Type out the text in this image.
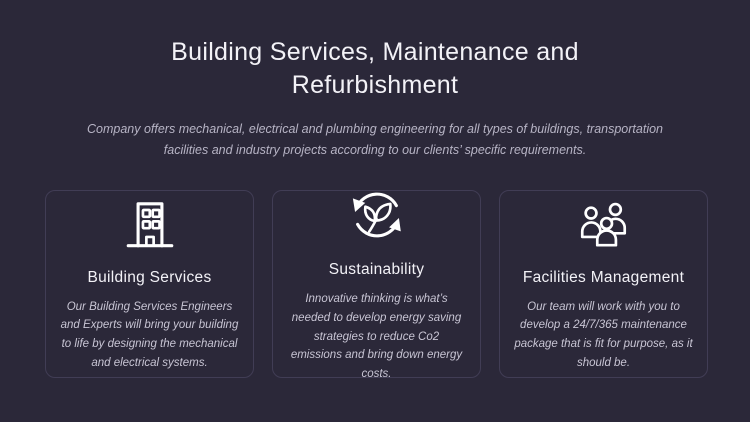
Building Services, Maintenance and Refurbishment

Company offers mechanical, electrical and plumbing engineering for all types of buildings, transportation facilities and industry projects according to our clients’ specific requirements.

Building Services

Our Building Services Engineers and Experts will bring your building to life by designing the mechanical and electrical systems.

Sustainability

Innovative thinking is what’s needed to develop energy saving strategies to reduce Co2 emissions and bring down energy costs.

Facilities Management

Our team will work with you to develop a 24/7/365 maintenance package that is fit for purpose, as it should be.
